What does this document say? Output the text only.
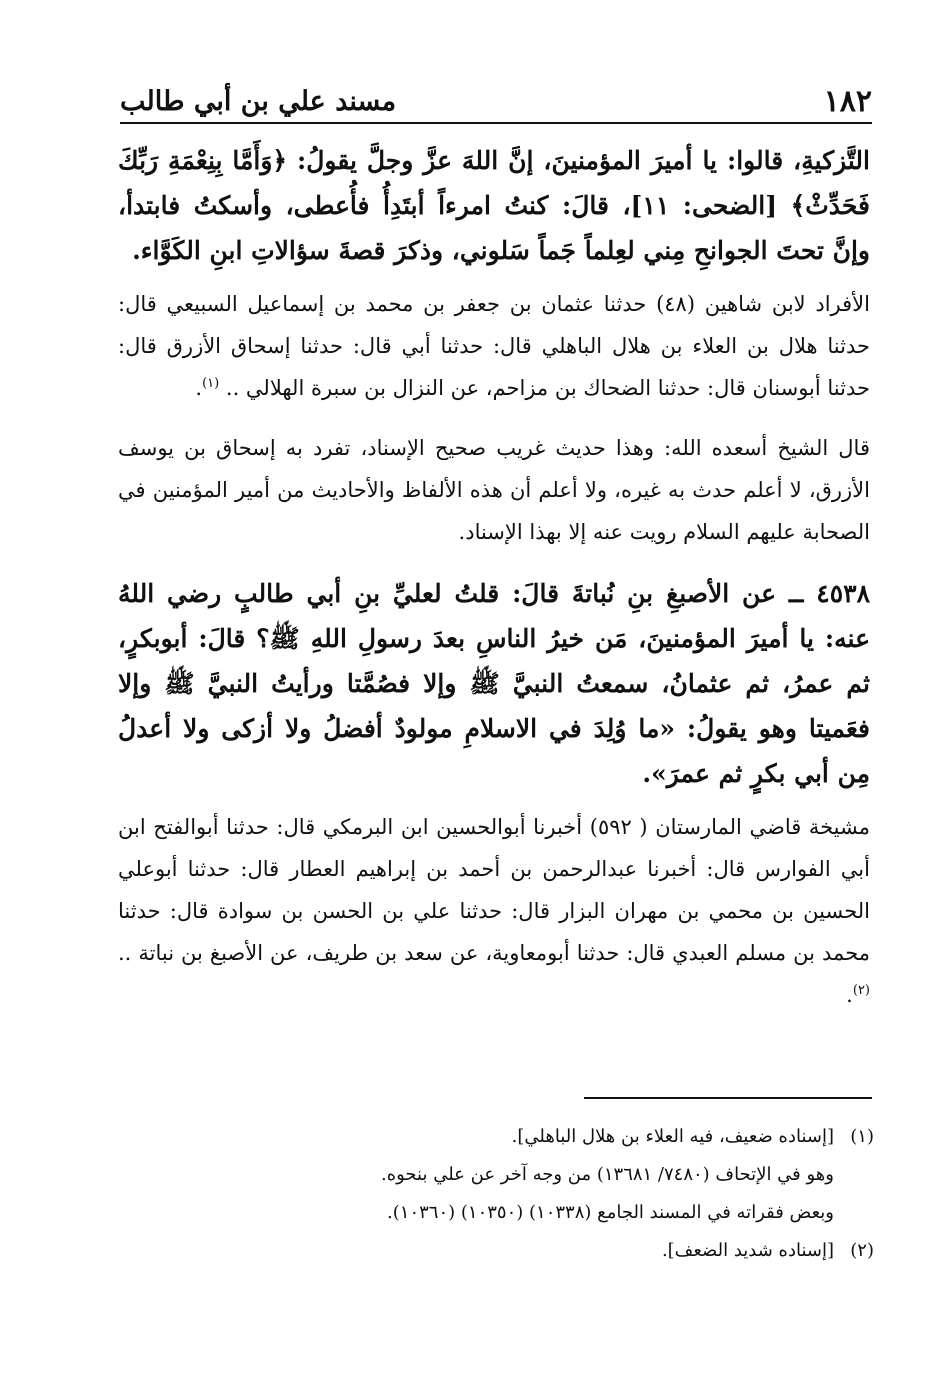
١٨٢
مسند علي بن أبي طالب

التَّزكيةِ، قالوا: يا أميرَ المؤمنينَ، إنَّ اللهَ عزَّ وجلَّ يقولُ: ﴿وَأَمَّا بِنِعْمَةِ رَبِّكَ فَحَدِّثْ﴾ [الضحى: ١١]، قالَ: كنتُ امرءاً أبتَدِأُ فأُعطى، وأسكتُ فابتدأ، وإنَّ تحتَ الجوانحِ مِني لعِلماً جَماً سَلوني، وذكرَ قصةَ سؤالاتِ ابنِ الكَوَّاء.

الأفراد لابن شاهين (٤٨) حدثنا عثمان بن جعفر بن محمد بن إسماعيل السبيعي قال: حدثنا هلال بن العلاء بن هلال الباهلي قال: حدثنا أبي قال: حدثنا إسحاق الأزرق قال: حدثنا أبوسنان قال: حدثنا الضحاك بن مزاحم، عن النزال بن سبرة الهلالي .. $^{(١)}$.

قال الشيخ أسعده الله: وهذا حديث غريب صحيح الإسناد، تفرد به إسحاق بن يوسف الأزرق، لا أعلم حدث به غيره، ولا أعلم أن هذه الألفاظ والأحاديث من أمير المؤمنين في الصحابة عليهم السلام رويت عنه إلا بهذا الإسناد.

٤٥٣٨ ــ عن الأصبغِ بنِ نُباتةَ قالَ: قلتُ لعليِّ بنِ أبي طالبٍ رضي اللهُ عنه: يا أميرَ المؤمنينَ، مَن خيرُ الناسِ بعدَ رسولِ اللهِ ﷺ؟ قالَ: أبوبكرٍ، ثم عمرُ، ثم عثمانُ، سمعتُ النبيَّ ﷺ وإلا فصُمَّتا ورأيتُ النبيَّ ﷺ وإلا فعَميتا وهو يقولُ: «ما وُلِدَ في الاسلامِ مولودٌ أفضلُ ولا أزكى ولا أعدلُ مِن أبي بكرٍ ثم عمرَ».

مشيخة قاضي المارستان ( ٥٩٢) أخبرنا أبوالحسين ابن البرمكي قال: حدثنا أبوالفتح ابن أبي الفوارس قال: أخبرنا عبدالرحمن بن أحمد بن إبراهيم العطار قال: حدثنا أبوعلي الحسين بن محمي بن مهران البزار قال: حدثنا علي بن الحسن بن سوادة قال: حدثنا محمد بن مسلم العبدي قال: حدثنا أبومعاوية، عن سعد بن طريف، عن الأصبغ بن نباتة .. $^{(٢)}$.

(١)[إسناده ضعيف، فيه العلاء بن هلال الباهلي].

وهو في الإتحاف (٧٤٨٠/ ١٣٦٨١) من وجه آخر عن علي بنحوه.

وبعض فقراته في المسند الجامع (١٠٣٣٨) (١٠٣٥٠) (١٠٣٦٠).

(٢)[إسناده شديد الضعف].
